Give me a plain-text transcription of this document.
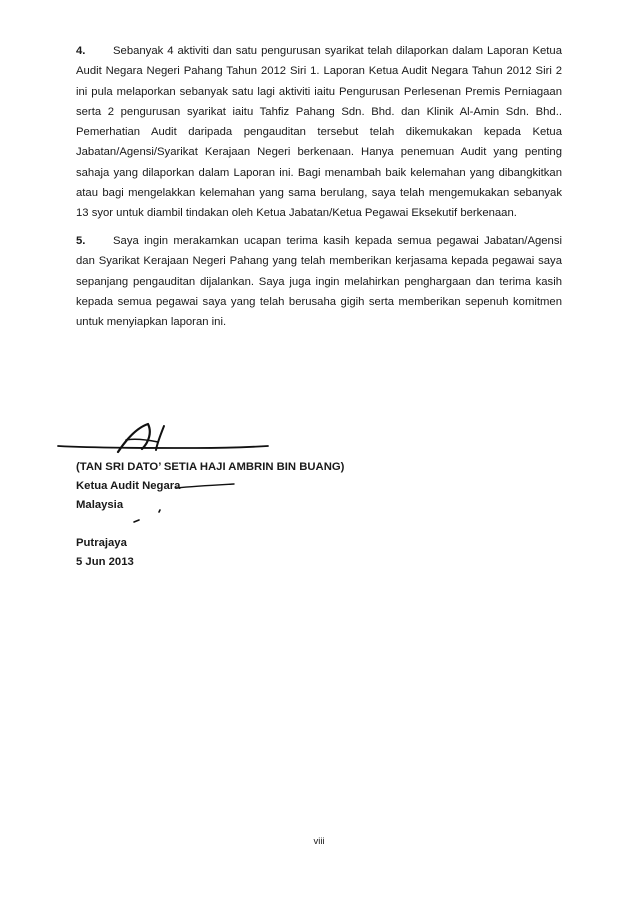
4. Sebanyak 4 aktiviti dan satu pengurusan syarikat telah dilaporkan dalam Laporan Ketua Audit Negara Negeri Pahang Tahun 2012 Siri 1. Laporan Ketua Audit Negara Tahun 2012 Siri 2 ini pula melaporkan sebanyak satu lagi aktiviti iaitu Pengurusan Perlesenan Premis Perniagaan serta 2 pengurusan syarikat iaitu Tahfiz Pahang Sdn. Bhd. dan Klinik Al-Amin Sdn. Bhd.. Pemerhatian Audit daripada pengauditan tersebut telah dikemukakan kepada Ketua Jabatan/Agensi/Syarikat Kerajaan Negeri berkenaan. Hanya penemuan Audit yang penting sahaja yang dilaporkan dalam Laporan ini. Bagi menambah baik kelemahan yang dibangkitkan atau bagi mengelakkan kelemahan yang sama berulang, saya telah mengemukakan sebanyak 13 syor untuk diambil tindakan oleh Ketua Jabatan/Ketua Pegawai Eksekutif berkenaan.

5. Saya ingin merakamkan ucapan terima kasih kepada semua pegawai Jabatan/Agensi dan Syarikat Kerajaan Negeri Pahang yang telah memberikan kerjasama kepada pegawai saya sepanjang pengauditan dijalankan. Saya juga ingin melahirkan penghargaan dan terima kasih kepada semua pegawai saya yang telah berusaha gigih serta memberikan sepenuh komitmen untuk menyiapkan laporan ini.

(TAN SRI DATO’ SETIA HAJI AMBRIN BIN BUANG)
Ketua Audit Negara
Malaysia
Putrajaya
5 Jun 2013
viii
